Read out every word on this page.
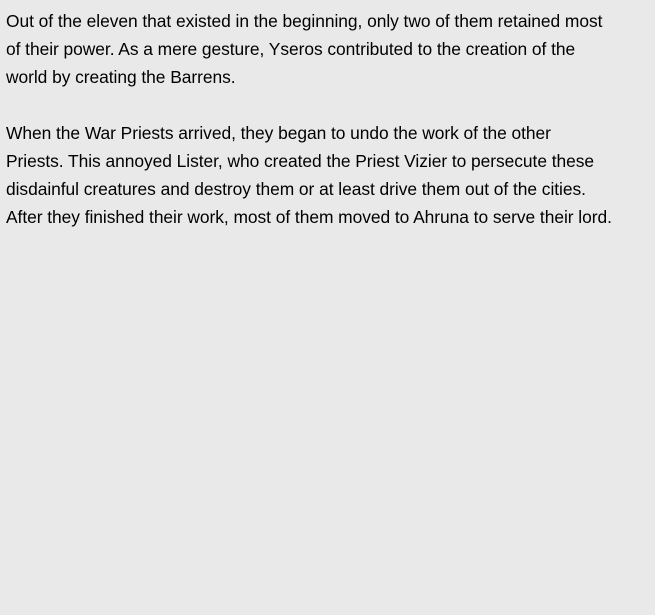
Out of the eleven that existed in the beginning, only two of them retained most
of their power. As a mere gesture, Yseros contributed to the creation of the
world by creating the Barrens.

When the War Priests arrived, they began to undo the work of the other
Priests. This annoyed Lister, who created the Priest Vizier to persecute these
disdainful creatures and destroy them or at least drive them out of the cities.
After they finished their work, most of them moved to Ahruna to serve their lord.
